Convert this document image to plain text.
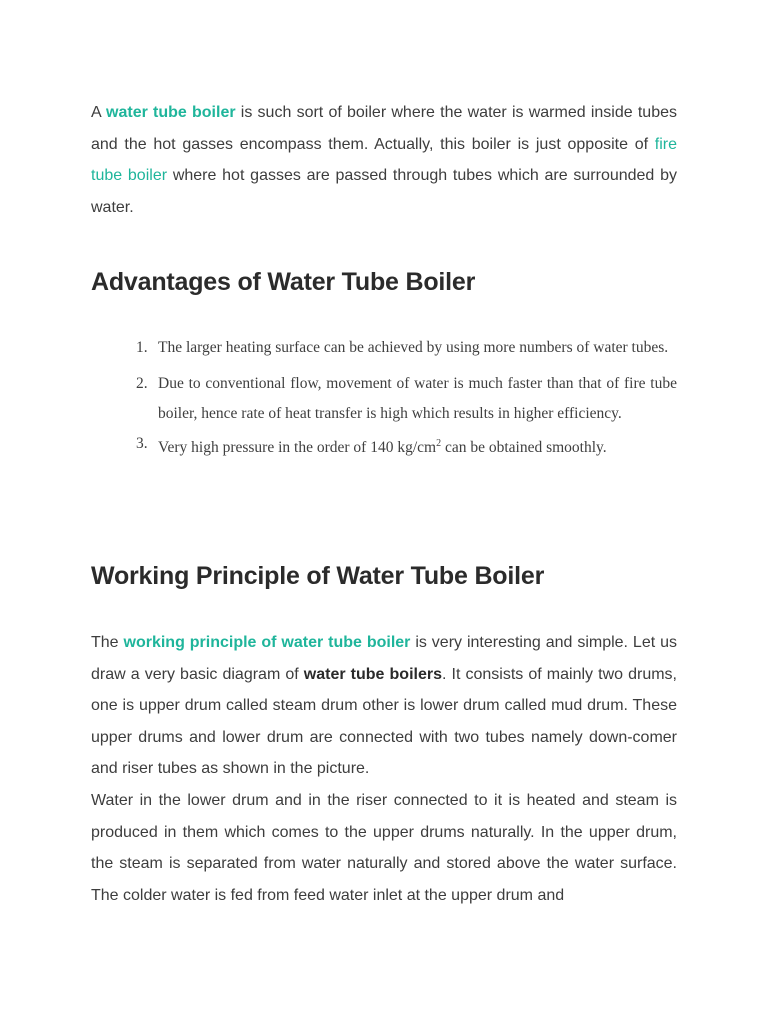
A water tube boiler is such sort of boiler where the water is warmed inside tubes and the hot gasses encompass them. Actually, this boiler is just opposite of fire tube boiler where hot gasses are passed through tubes which are surrounded by water.

Advantages of Water Tube Boiler
1. The larger heating surface can be achieved by using more numbers of water tubes.
2. Due to conventional flow, movement of water is much faster than that of fire tube boiler, hence rate of heat transfer is high which results in higher efficiency.
3. Very high pressure in the order of 140 $kg/cm^2$ can be obtained smoothly.
Working Principle of Water Tube Boiler

The working principle of water tube boiler is very interesting and simple. Let us draw a very basic diagram of water tube boilers. It consists of mainly two drums, one is upper drum called steam drum other is lower drum called mud drum. These upper drums and lower drum are connected with two tubes namely down-comer and riser tubes as shown in the picture.
Water in the lower drum and in the riser connected to it is heated and steam is produced in them which comes to the upper drums naturally. In the upper drum, the steam is separated from water naturally and stored above the water surface. The colder water is fed from feed water inlet at the upper drum and
